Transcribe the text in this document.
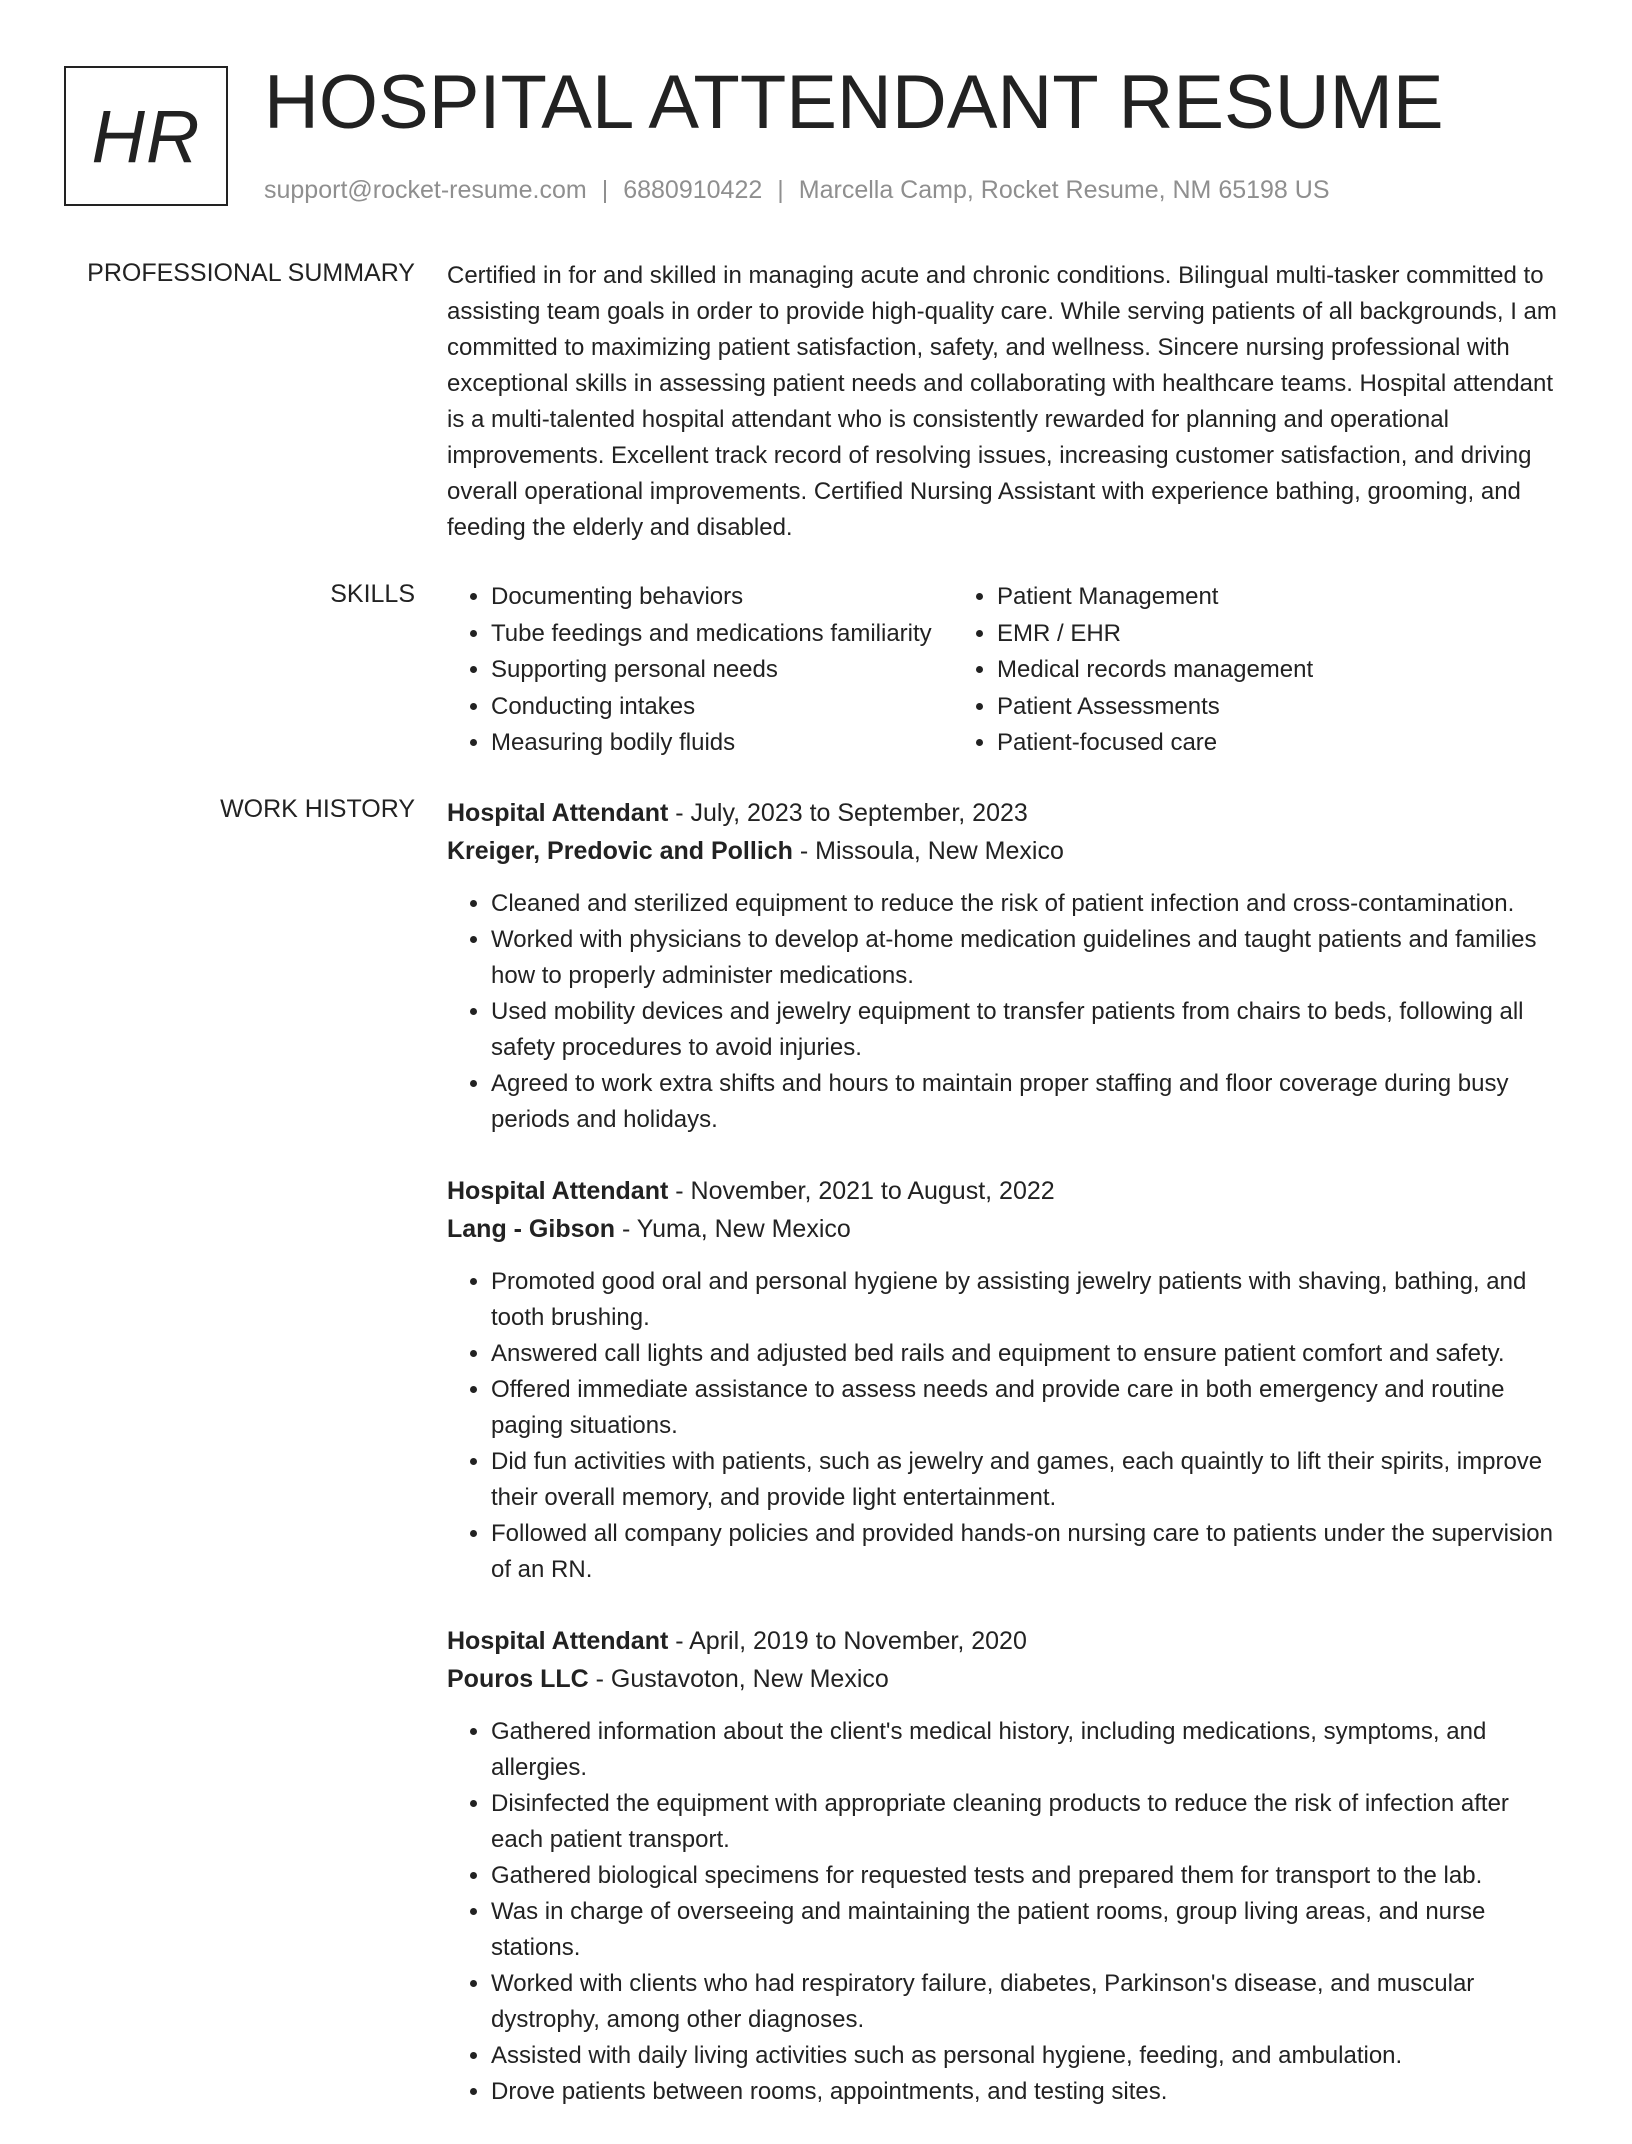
HR HOSPITAL ATTENDANT RESUME
support@rocket-resume.com | 6880910422 | Marcella Camp, Rocket Resume, NM 65198 US
PROFESSIONAL SUMMARY Certified in for and skilled in managing acute and chronic conditions. Bilingual multi-tasker committed to assisting team goals in order to provide high-quality care. While serving patients of all backgrounds, I am committed to maximizing patient satisfaction, safety, and wellness. Sincere nursing professional with exceptional skills in assessing patient needs and collaborating with healthcare teams. Hospital attendant is a multi-talented hospital attendant who is consistently rewarded for planning and operational improvements. Excellent track record of resolving issues, increasing customer satisfaction, and driving overall operational improvements. Certified Nursing Assistant with experience bathing, grooming, and feeding the elderly and disabled.

SKILLS
•	Documenting behaviors
• Tube feedings and medications familiarity
• Supporting personal needs
• Conducting intakes
• Measuring bodily fluids
• Patient Management
• EMR / EHR
• Medical records management
• Patient Assessments
• Patient-focused care
WORK HISTORY Hospital Attendant - July, 2023 to September, 2023
Kreiger, Predovic and Pollich - Missoula, New Mexico
• Cleaned and sterilized equipment to reduce the risk of patient infection and cross-contamination.
• Worked with physicians to develop at-home medication guidelines and taught patients and families how to properly administer medications.
• Used mobility devices and jewelry equipment to transfer patients from chairs to beds, following all safety procedures to avoid injuries.
• Agreed to work extra shifts and hours to maintain proper staffing and floor coverage during busy periods and holidays.
Hospital Attendant - November, 2021 to August, 2022
Lang - Gibson - Yuma, New Mexico
• Promoted good oral and personal hygiene by assisting jewelry patients with shaving, bathing, and tooth brushing.
• Answered call lights and adjusted bed rails and equipment to ensure patient comfort and safety.
• Offered immediate assistance to assess needs and provide care in both emergency and routine paging situations.
• Did fun activities with patients, such as jewelry and games, each quaintly to lift their spirits, improve their overall memory, and provide light entertainment.
• Followed all company policies and provided hands-on nursing care to patients under the supervision of an RN.
Hospital Attendant - April, 2019 to November, 2020
Pouros LLC - Gustavoton, New Mexico
• Gathered information about the client's medical history, including medications, symptoms, and allergies.
• Disinfected the equipment with appropriate cleaning products to reduce the risk of infection after each patient transport.
• Gathered biological specimens for requested tests and prepared them for transport to the lab.
• Was in charge of overseeing and maintaining the patient rooms, group living areas, and nurse stations.
• Worked with clients who had respiratory failure, diabetes, Parkinson's disease, and muscular dystrophy, among other diagnoses.
• Assisted with daily living activities such as personal hygiene, feeding, and ambulation.
• Drove patients between rooms, appointments, and testing sites.
